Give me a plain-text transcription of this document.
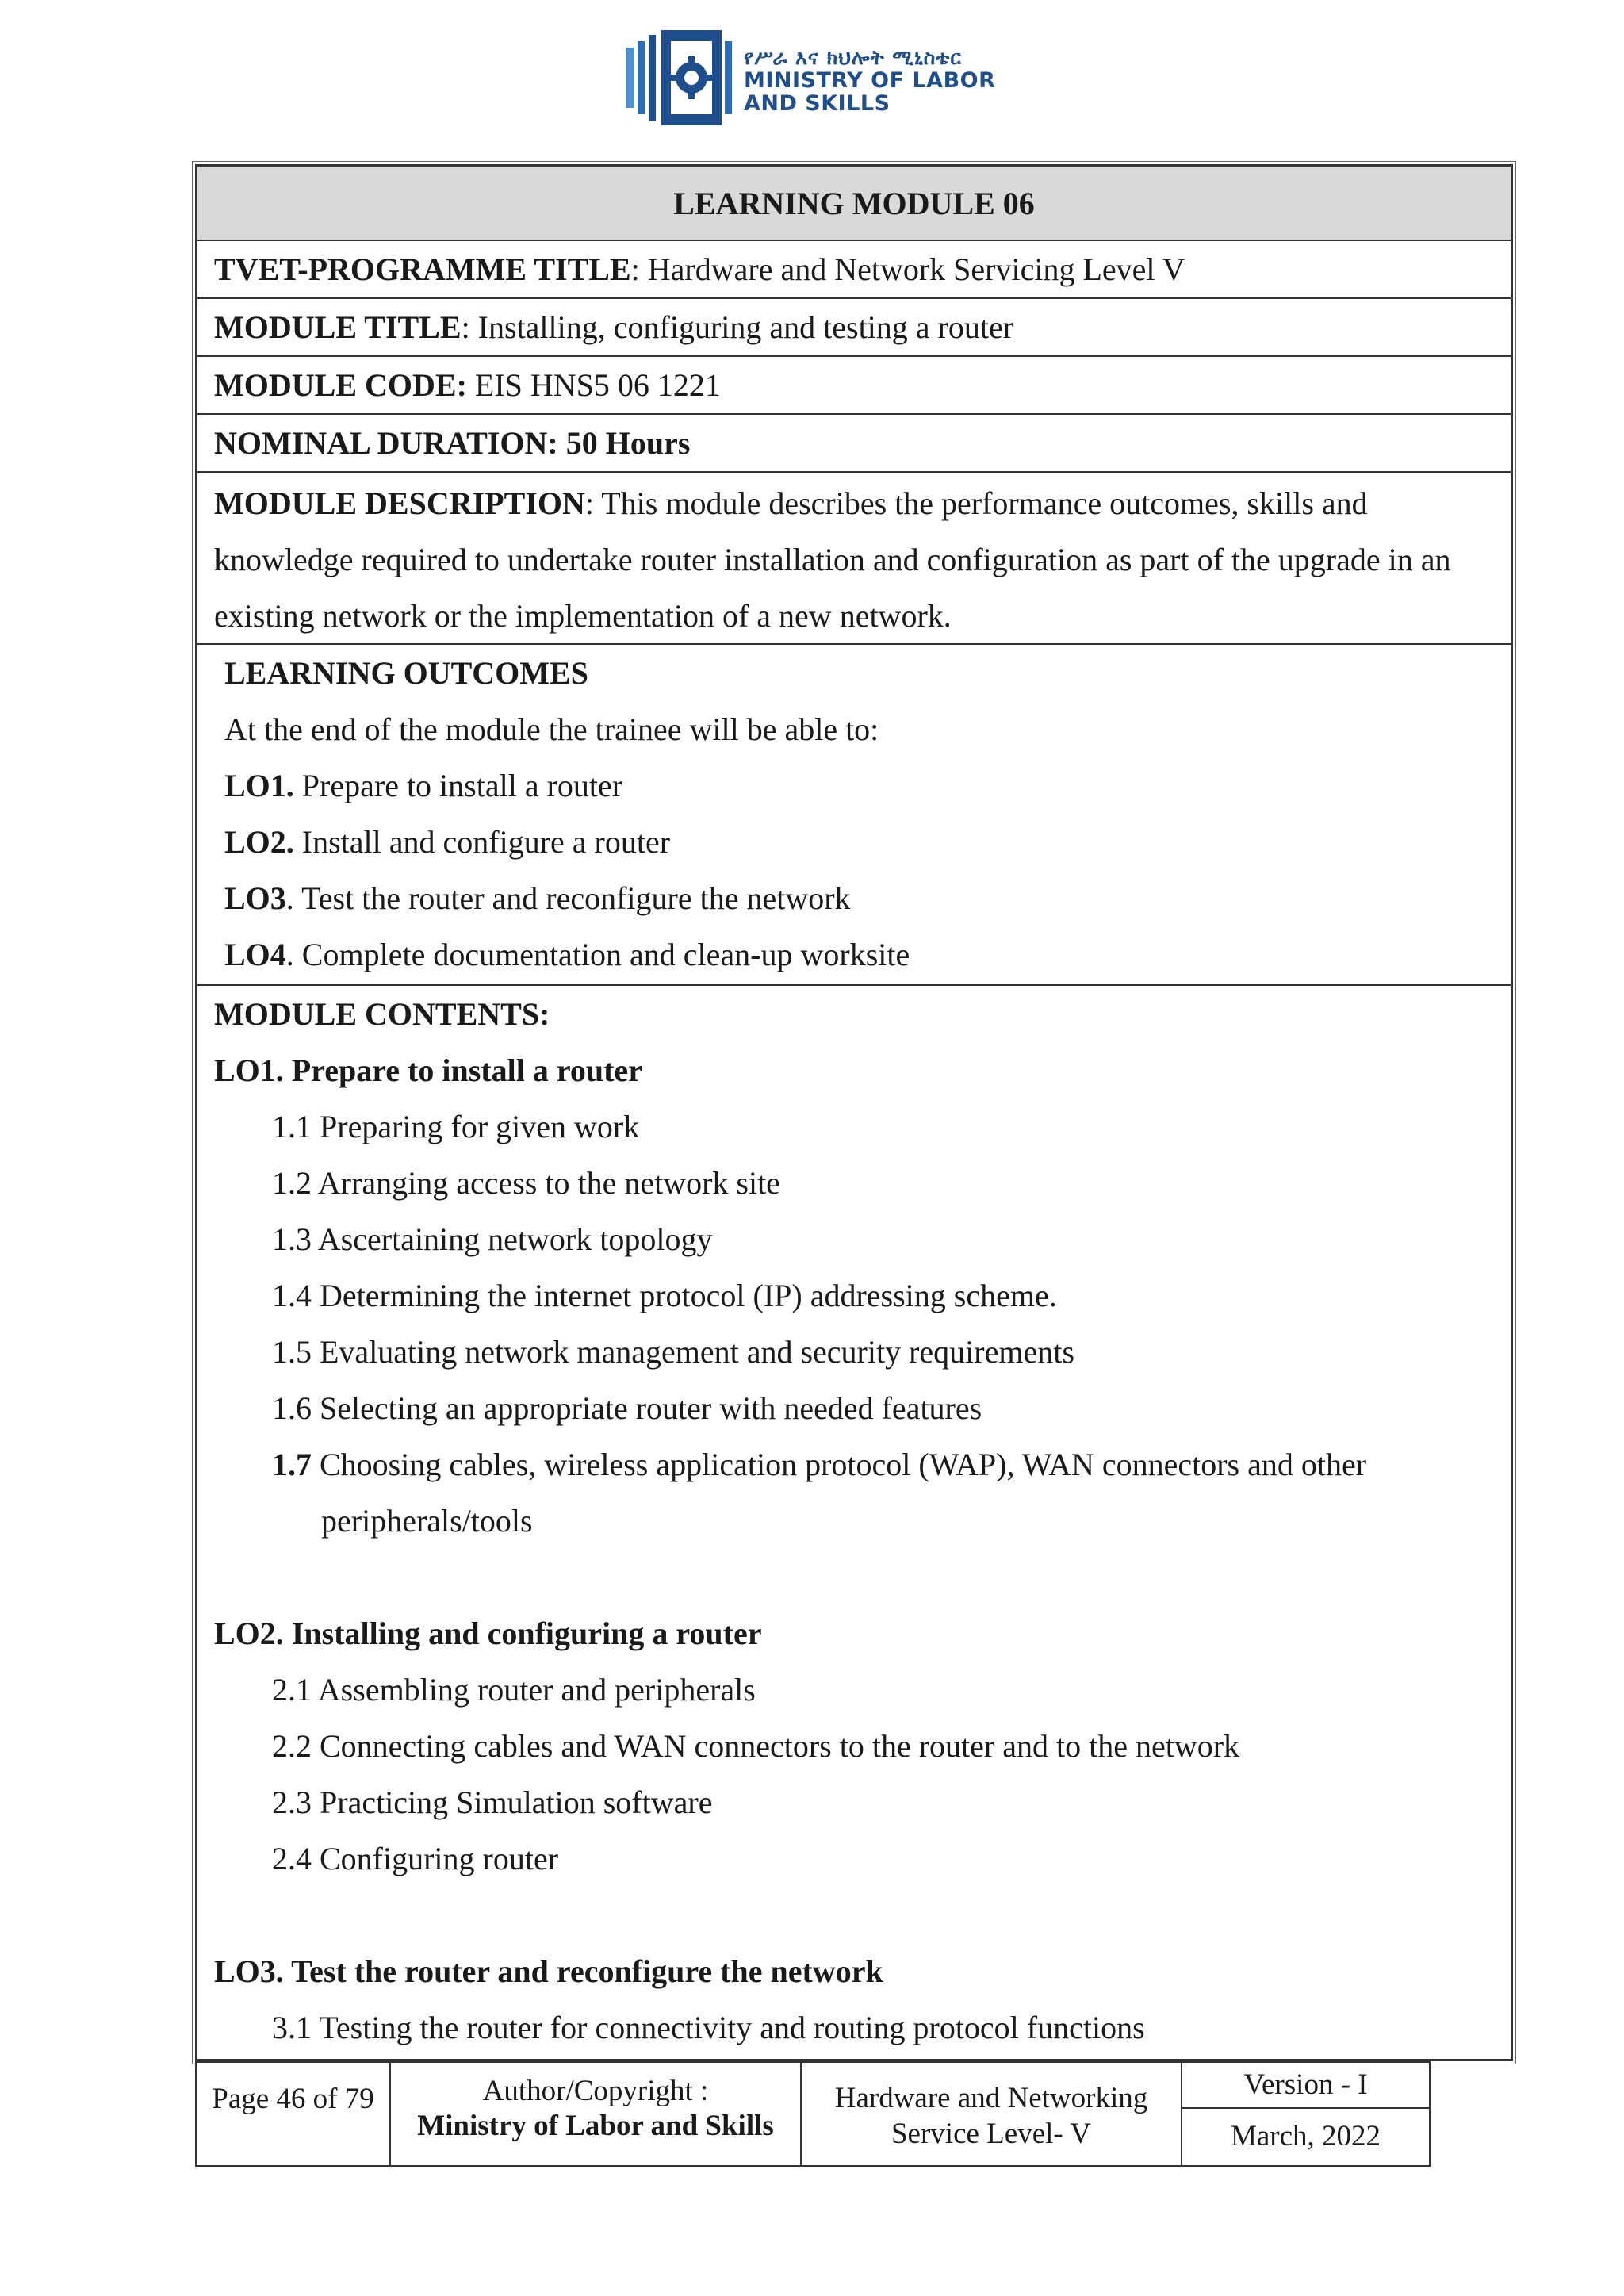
የሥራ እና ክህሎት ሚኒስቴር
MINISTRY OF LABOR
AND SKILLS
LEARNING MODULE 06
TVET-PROGRAMME TITLE: Hardware and Network Servicing Level V
MODULE TITLE: Installing, configuring and testing a router
MODULE CODE: EIS HNS5 06 1221
NOMINAL DURATION: 50 Hours
MODULE DESCRIPTION: This module describes the performance outcomes, skills and knowledge required to undertake router installation and configuration as part of the upgrade in an existing network or the implementation of a new network.
LEARNING OUTCOMES
At the end of the module the trainee will be able to:
LO1. Prepare to install a router
LO2. Install and configure a router
LO3. Test the router and reconfigure the network
LO4. Complete documentation and clean-up worksite
MODULE CONTENTS:
LO1. Prepare to install a router
1.1 Preparing for given work
1.2 Arranging access to the network site
1.3 Ascertaining network topology
1.4 Determining the internet protocol (IP) addressing scheme.
1.5 Evaluating network management and security requirements
1.6 Selecting an appropriate router with needed features
1.7 Choosing cables, wireless application protocol (WAP), WAN connectors and other
peripherals/tools
LO2. Installing and configuring a router
2.1 Assembling router and peripherals
2.2 Connecting cables and WAN connectors to the router and to the network
2.3 Practicing Simulation software
2.4 Configuring router
LO3. Test the router and reconfigure the network
3.1 Testing the router for connectivity and routing protocol functions
Page 46 of 79	Author/Copyright :
Ministry of Labor and Skills
Hardware and Networking
Service Level- V
Version - I
March, 2022
